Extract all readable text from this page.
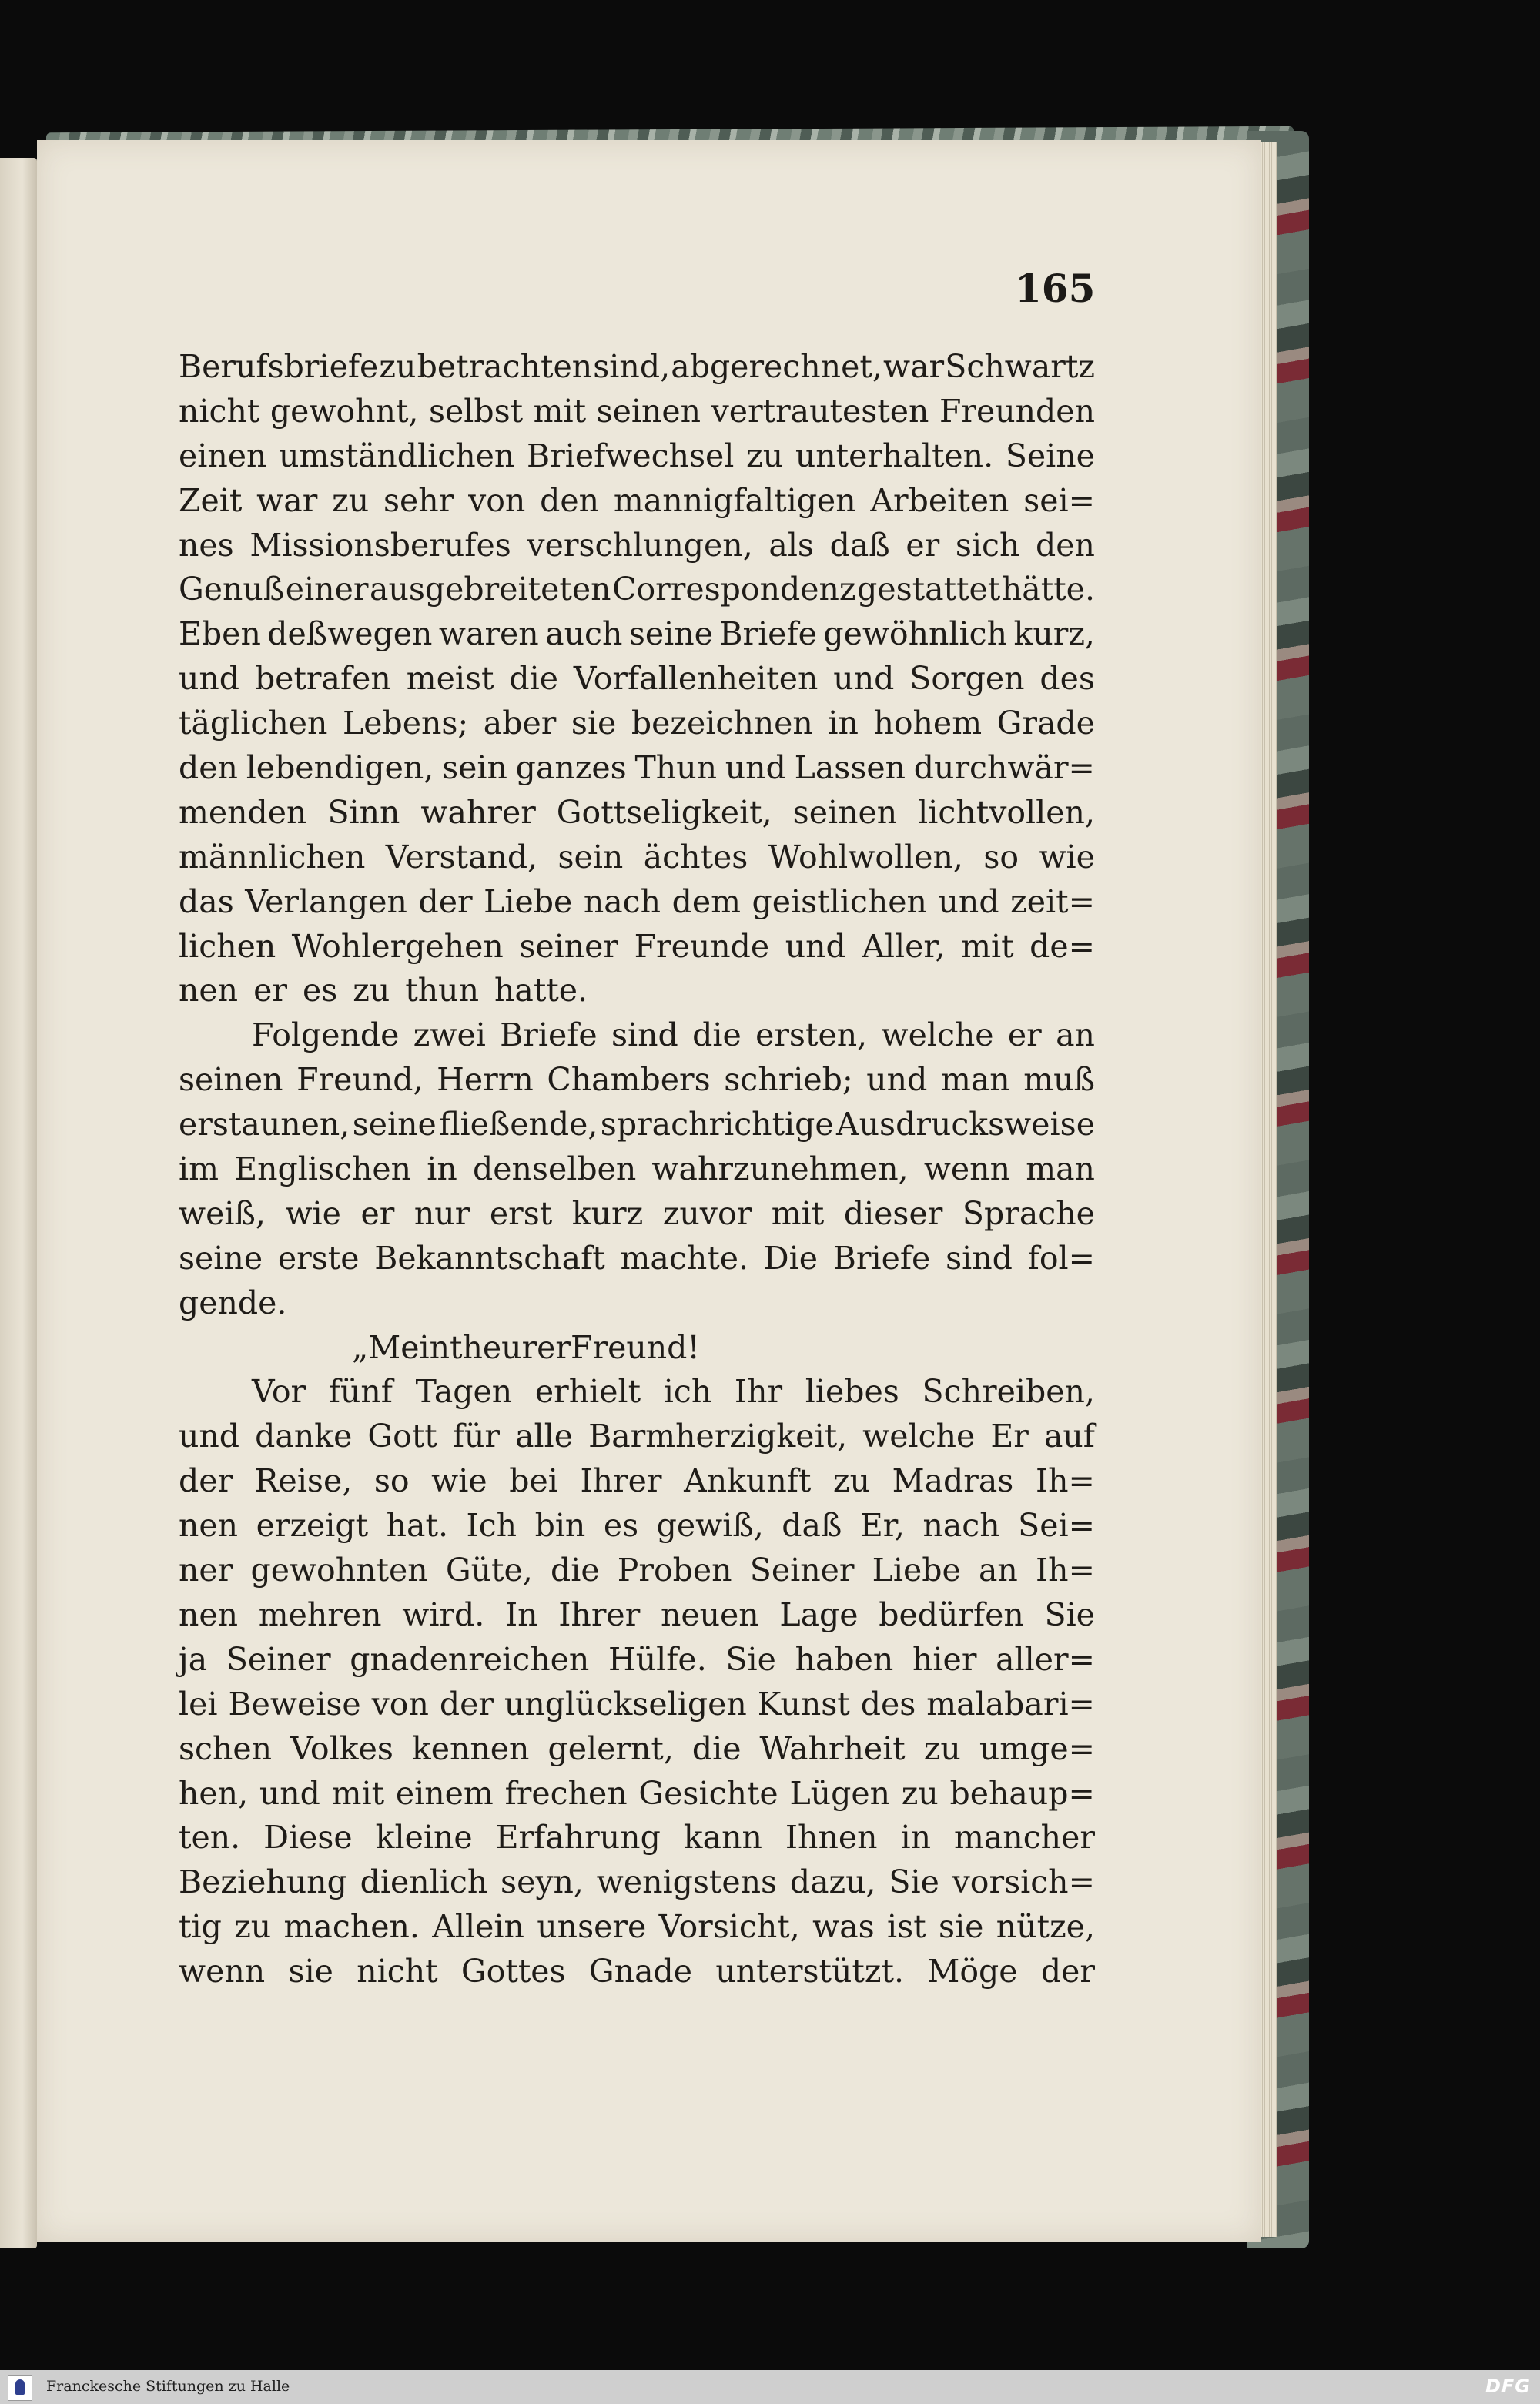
165
Berufsbriefe zu betrachten sind, abgerechnet, war Schwartz
nicht gewohnt, selbst mit seinen vertrautesten Freunden
einen umständlichen Briefwechsel zu unterhalten. Seine
Zeit war zu sehr von den mannigfaltigen Arbeiten sei=
nes Missionsberufes verschlungen, als daß er sich den
Genuß einer ausgebreiteten Correspondenz gestattet hätte.
Eben deßwegen waren auch seine Briefe gewöhnlich kurz,
und betrafen meist die Vorfallenheiten und Sorgen des
täglichen Lebens; aber sie bezeichnen in hohem Grade
den lebendigen, sein ganzes Thun und Lassen durchwär=
menden Sinn wahrer Gottseligkeit, seinen lichtvollen,
männlichen Verstand, sein ächtes Wohlwollen, so wie
das Verlangen der Liebe nach dem geistlichen und zeit=
lichen Wohlergehen seiner Freunde und Aller, mit de=
nen er es zu thun hatte.
Folgende zwei Briefe sind die ersten, welche er an
seinen Freund, Herrn Chambers schrieb; und man muß
erstaunen, seine fließende, sprachrichtige Ausdrucksweise
im Englischen in denselben wahrzunehmen, wenn man
weiß, wie er nur erst kurz zuvor mit dieser Sprache
seine erste Bekanntschaft machte. Die Briefe sind fol=
gende.
„Mein theurer Freund!
Vor fünf Tagen erhielt ich Ihr liebes Schreiben,
und danke Gott für alle Barmherzigkeit, welche Er auf
der Reise, so wie bei Ihrer Ankunft zu Madras Ih=
nen erzeigt hat. Ich bin es gewiß, daß Er, nach Sei=
ner gewohnten Güte, die Proben Seiner Liebe an Ih=
nen mehren wird. In Ihrer neuen Lage bedürfen Sie
ja Seiner gnadenreichen Hülfe. Sie haben hier aller=
lei Beweise von der unglückseligen Kunst des malabari=
schen Volkes kennen gelernt, die Wahrheit zu umge=
hen, und mit einem frechen Gesichte Lügen zu behaup=
ten. Diese kleine Erfahrung kann Ihnen in mancher
Beziehung dienlich seyn, wenigstens dazu, Sie vorsich=
tig zu machen. Allein unsere Vorsicht, was ist sie nütze,
wenn sie nicht Gottes Gnade unterstützt. Möge der
Franckesche Stiftungen zu Halle	DFG
